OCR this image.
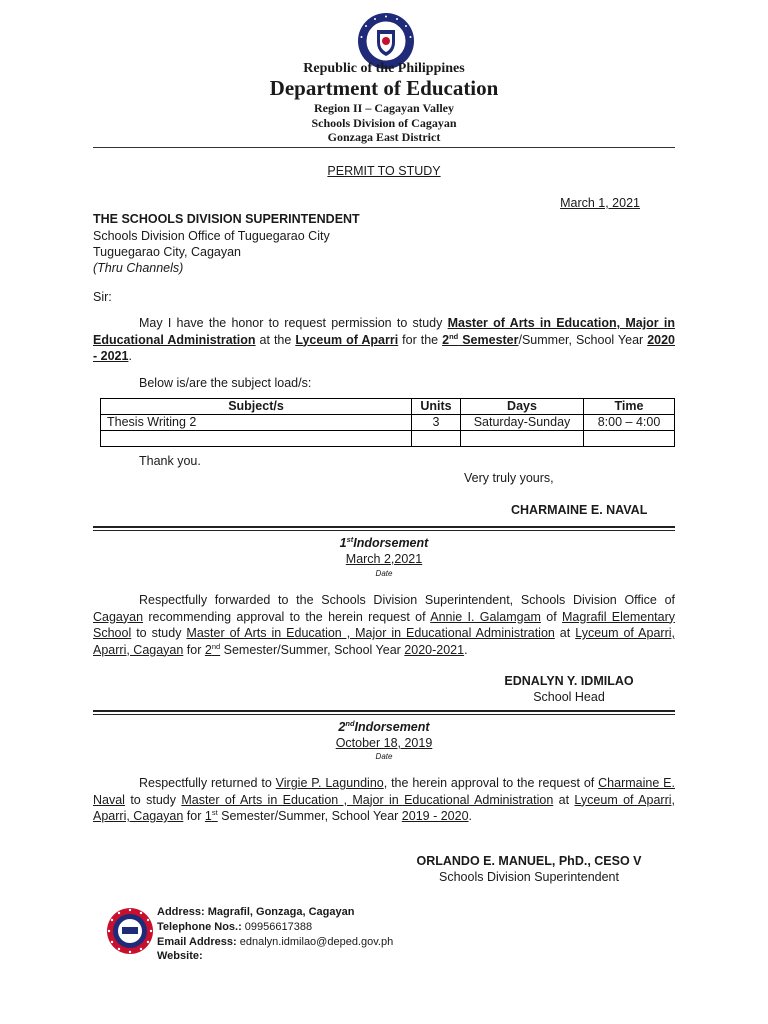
Republic of the Philippines
Department of Education
Region II – Cagayan Valley
Schools Division of Cagayan
Gonzaga East District
PERMIT TO STUDY
March 1, 2021
THE SCHOOLS DIVISION SUPERINTENDENT
Schools Division Office of Tuguegarao City
Tuguegarao City, Cagayan
(Thru Channels)
Sir:
May I have the honor to request permission to study Master of Arts in Education, Major in Educational Administration at the Lyceum of Aparri for the 2nd Semester/Summer, School Year 2020 - 2021.
Below is/are the subject load/s:
Subject/s	Units	Days	Time
Thesis Writing 2	3	Saturday-Sunday	8:00 – 4:00

Thank you.
Very truly yours,
CHARMAINE E. NAVAL
1stIndorsement
March 2,2021
Date
Respectfully forwarded to the Schools Division Superintendent, Schools Division Office of Cagayan recommending approval to the herein request of Annie I. Galamgam of Magrafil Elementary School to study Master of Arts in Education , Major in Educational Administration at Lyceum of Aparri, Aparri, Cagayan for 2nd Semester/Summer, School Year 2020-2021.
EDNALYN Y. IDMILAO
School Head
2ndIndorsement
October 18, 2019
Date
Respectfully returned to Virgie P. Lagundino, the herein approval to the request of Charmaine E. Naval to study Master of Arts in Education , Major in Educational Administration at Lyceum of Aparri, Aparri, Cagayan for 1st Semester/Summer, School Year 2019 - 2020.
ORLANDO E. MANUEL, PhD., CESO V
Schools Division Superintendent
Address: Magrafil, Gonzaga, Cagayan
Telephone Nos.: 09956617388
Email Address: ednalyn.idmilao@deped.gov.ph
Website:
